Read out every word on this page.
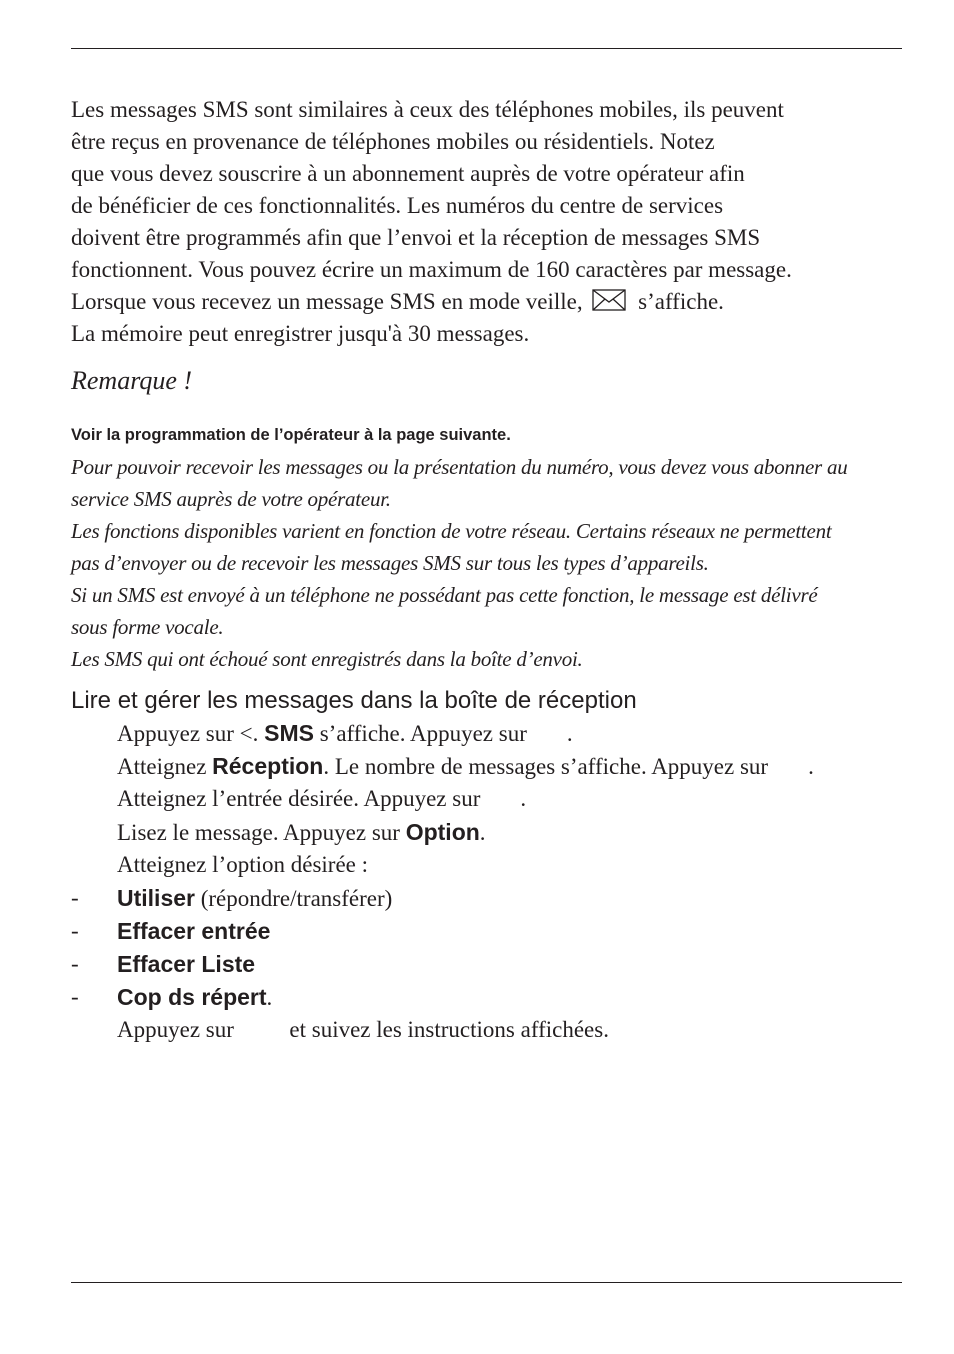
Les messages SMS sont similaires à ceux des téléphones mobiles, ils peuvent
être reçus en provenance de téléphones mobiles ou résidentiels. Notez
que vous devez souscrire à un abonnement auprès de votre opérateur afin
de bénéficier de ces fonctionnalités. Les numéros du centre de services
doivent être programmés afin que l’envoi et la réception de messages SMS
fonctionnent. Vous pouvez écrire un maximum de 160 caractères par message.
Lorsque vous recevez un message SMS en mode veille, s’affiche.
La mémoire peut enregistrer jusqu'à 30 messages.
Remarque !
Voir la programmation de l’opérateur à la page suivante.
Pour pouvoir recevoir les messages ou la présentation du numéro, vous devez vous abonner au
service SMS auprès de votre opérateur.
Les fonctions disponibles varient en fonction de votre réseau. Certains réseaux ne permettent
pas d’envoyer ou de recevoir les messages SMS sur tous les types d’appareils.
Si un SMS est envoyé à un téléphone ne possédant pas cette fonction, le message est délivré
sous forme vocale.
Les SMS qui ont échoué sont enregistrés dans la boîte d’envoi.
Lire et gérer les messages dans la boîte de réception
Appuyez sur <. SMS s’affiche. Appuyez sur .
Atteignez Réception. Le nombre de messages s’affiche. Appuyez sur .
Atteignez l’entrée désirée. Appuyez sur .
Lisez le message. Appuyez sur Option.
Atteignez l’option désirée :
- Utiliser (répondre/transférer)
- Effacer entrée
- Effacer Liste
- Cop ds répert.
Appuyez sur et suivez les instructions affichées.
